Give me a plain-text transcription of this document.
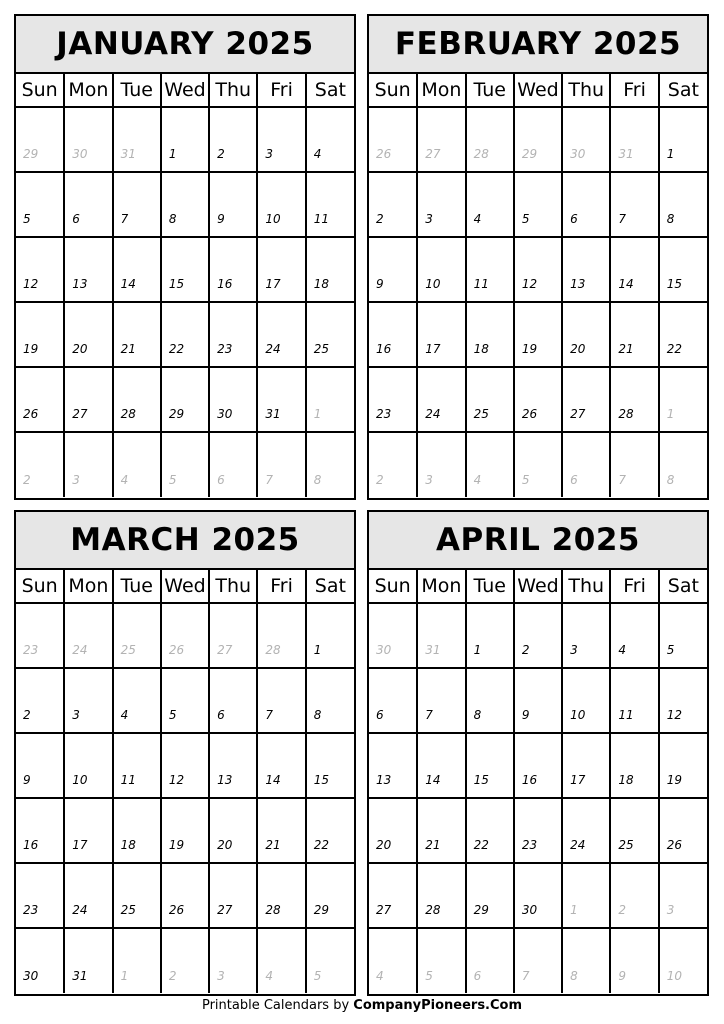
JANUARY 2025
Sun	Mon	Tue	Wed	Thu	Fri	Sat
29	30	31	1	2	3	4
5	6	7	8	9	10	11
12	13	14	15	16	17	18
19	20	21	22	23	24	25
26	27	28	29	30	31	1
2	3	4	5	6	7	8
FEBRUARY 2025
Sun	Mon	Tue	Wed	Thu	Fri	Sat
26	27	28	29	30	31	1
2	3	4	5	6	7	8
9	10	11	12	13	14	15
16	17	18	19	20	21	22
23	24	25	26	27	28	1
2	3	4	5	6	7	8
MARCH 2025
Sun	Mon	Tue	Wed	Thu	Fri	Sat
23	24	25	26	27	28	1
2	3	4	5	6	7	8
9	10	11	12	13	14	15
16	17	18	19	20	21	22
23	24	25	26	27	28	29
30	31	1	2	3	4	5
APRIL 2025
Sun	Mon	Tue	Wed	Thu	Fri	Sat
30	31	1	2	3	4	5
6	7	8	9	10	11	12
13	14	15	16	17	18	19
20	21	22	23	24	25	26
27	28	29	30	1	2	3
4	5	6	7	8	9	10
Printable Calendars by CompanyPioneers.Com
